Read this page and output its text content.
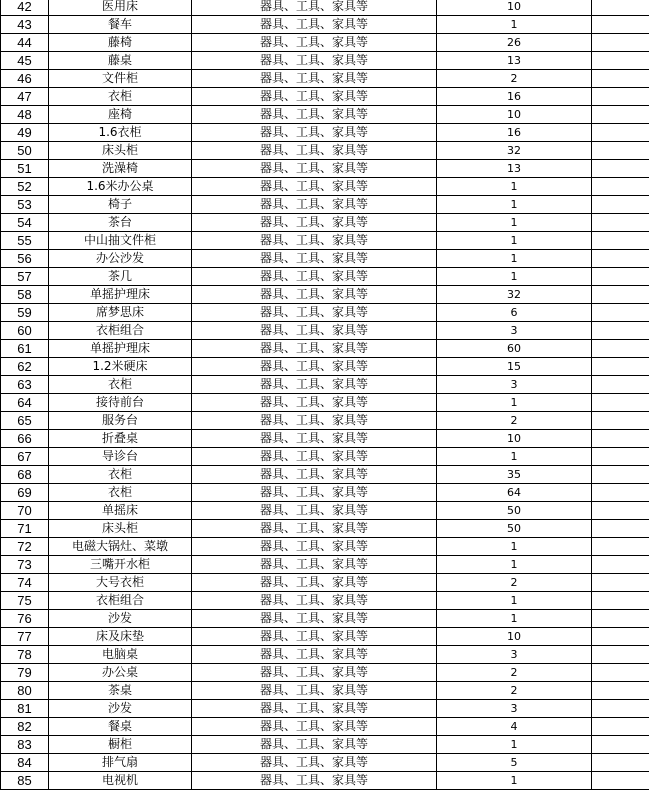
42	医用床	器具、工具、家具等	10	
43	餐车	器具、工具、家具等	1	
44	藤椅	器具、工具、家具等	26	
45	藤桌	器具、工具、家具等	13	
46	文件柜	器具、工具、家具等	2	
47	衣柜	器具、工具、家具等	16	
48	座椅	器具、工具、家具等	10	
49	1.6衣柜	器具、工具、家具等	16	
50	床头柜	器具、工具、家具等	32	
51	洗澡椅	器具、工具、家具等	13	
52	1.6米办公桌	器具、工具、家具等	1	
53	椅子	器具、工具、家具等	1	
54	茶台	器具、工具、家具等	1	
55	中山抽文件柜	器具、工具、家具等	1	
56	办公沙发	器具、工具、家具等	1	
57	茶几	器具、工具、家具等	1	
58	单摇护理床	器具、工具、家具等	32	
59	席梦思床	器具、工具、家具等	6	
60	衣柜组合	器具、工具、家具等	3	
61	单摇护理床	器具、工具、家具等	60	
62	1.2米硬床	器具、工具、家具等	15	
63	衣柜	器具、工具、家具等	3	
64	接待前台	器具、工具、家具等	1	
65	服务台	器具、工具、家具等	2	
66	折叠桌	器具、工具、家具等	10	
67	导诊台	器具、工具、家具等	1	
68	衣柜	器具、工具、家具等	35	
69	衣柜	器具、工具、家具等	64	
70	单摇床	器具、工具、家具等	50	
71	床头柜	器具、工具、家具等	50	
72	电磁大锅灶、菜墩	器具、工具、家具等	1	
73	三嘴开水柜	器具、工具、家具等	1	
74	大号衣柜	器具、工具、家具等	2	
75	衣柜组合	器具、工具、家具等	1	
76	沙发	器具、工具、家具等	1	
77	床及床垫	器具、工具、家具等	10	
78	电脑桌	器具、工具、家具等	3	
79	办公桌	器具、工具、家具等	2	
80	茶桌	器具、工具、家具等	2	
81	沙发	器具、工具、家具等	3	
82	餐桌	器具、工具、家具等	4	
83	橱柜	器具、工具、家具等	1	
84	排气扇	器具、工具、家具等	5	
85	电视机	器具、工具、家具等	1	
